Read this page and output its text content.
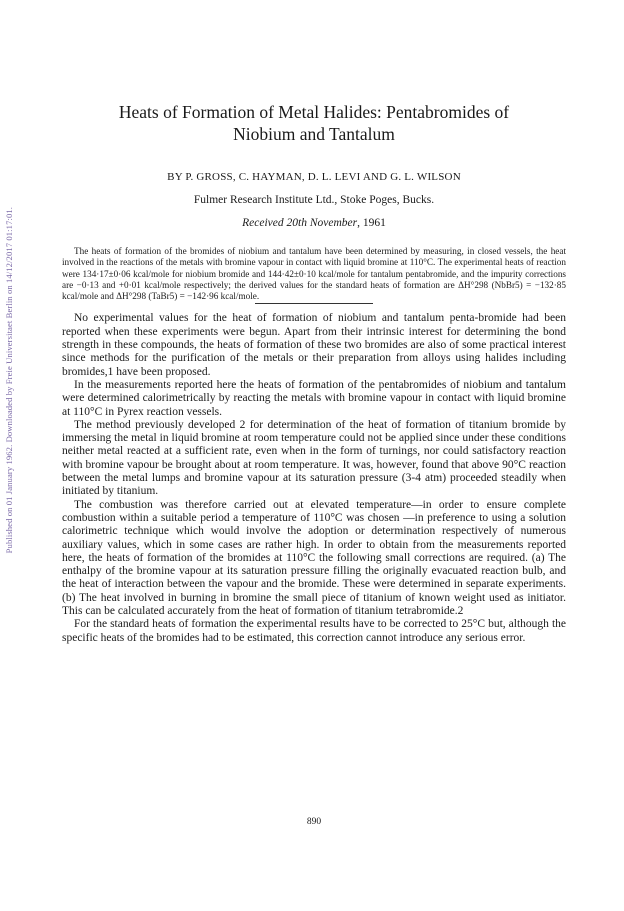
Published on 01 January 1962. Downloaded by Freie Universitaet Berlin on 14/12/2017 01:17:01.
Heats of Formation of Metal Halides: Pentabromides of
Niobium and Tantalum
BY P. GROSS, C. HAYMAN, D. L. LEVI AND G. L. WILSON
Fulmer Research Institute Ltd., Stoke Poges, Bucks.
Received 20th November, 1961

The heats of formation of the bromides of niobium and tantalum have been determined by measuring, in closed vessels, the heat involved in the reactions of the metals with bromine vapour in contact with liquid bromine at 110°C. The experimental heats of reaction were 134·17±0·06 kcal/mole for niobium bromide and 144·42±0·10 kcal/mole for tantalum pentabromide, and the impurity corrections are −0·13 and +0·01 kcal/mole respectively; the derived values for the standard heats of formation are ΔH°298 (NbBr5) = −132·85 kcal/mole and ΔH°298 (TaBr5) = −142·96 kcal/mole.

No experimental values for the heat of formation of niobium and tantalum penta-bromide had been reported when these experiments were begun. Apart from their intrinsic interest for determining the bond strength in these compounds, the heats of formation of these two bromides are also of some practical interest since methods for the purification of the metals or their preparation from alloys using halides including bromides,1 have been proposed.

In the measurements reported here the heats of formation of the pentabromides of niobium and tantalum were determined calorimetrically by reacting the metals with bromine vapour in contact with liquid bromine at 110°C in Pyrex reaction vessels.

The method previously developed 2 for determination of the heat of formation of titanium bromide by immersing the metal in liquid bromine at room temperature could not be applied since under these conditions neither metal reacted at a sufficient rate, even when in the form of turnings, nor could satisfactory reaction with bromine vapour be brought about at room temperature. It was, however, found that above 90°C reaction between the metal lumps and bromine vapour at its saturation pressure (3-4 atm) proceeded steadily when initiated by titanium.

The combustion was therefore carried out at elevated temperature—in order to ensure complete combustion within a suitable period a temperature of 110°C was chosen —in preference to using a solution calorimetric technique which would involve the adoption or determination respectively of numerous auxiliary values, which in some cases are rather high. In order to obtain from the measurements reported here, the heats of formation of the bromides at 110°C the following small corrections are required. (a) The enthalpy of the bromine vapour at its saturation pressure filling the originally evacuated reaction bulb, and the heat of interaction between the vapour and the bromide. These were determined in separate experiments. (b) The heat involved in burning in bromine the small piece of titanium of known weight used as initiator. This can be calculated accurately from the heat of formation of titanium tetrabromide.2

For the standard heats of formation the experimental results have to be corrected to 25°C but, although the specific heats of the bromides had to be estimated, this correction cannot introduce any serious error.

890
